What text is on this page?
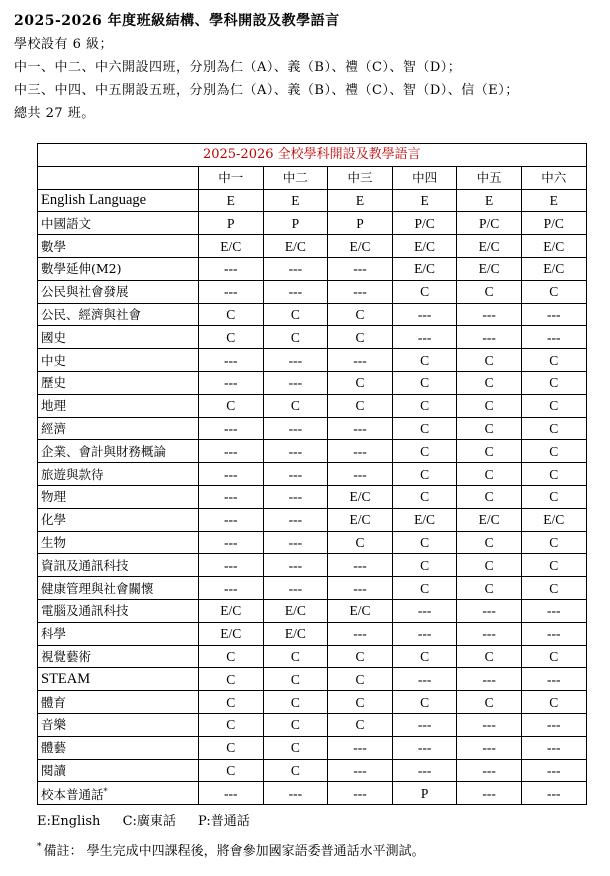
2025-2026 年度班級結構、學科開設及教學語言
學校設有 6 級；
中一、中二、中六開設四班，分別為仁（A）、義（B）、禮（C）、智（D）；
中三、中四、中五開設五班，分別為仁（A）、義（B）、禮（C）、智（D）、信（E）；
總共 27 班。
2025-2026 全校學科開設及教學語言						
	中一	中二	中三	中四	中五	中六
English Language	E	E	E	E	E	E
中國語文	P	P	P	P/C	P/C	P/C
數學	E/C	E/C	E/C	E/C	E/C	E/C
數學延伸(M2)	---	---	---	E/C	E/C	E/C
公民與社會發展	---	---	---	C	C	C
公民、經濟與社會	C	C	C	---	---	---
國史	C	C	C	---	---	---
中史	---	---	---	C	C	C
歷史	---	---	C	C	C	C
地理	C	C	C	C	C	C
經濟	---	---	---	C	C	C
企業、會計與財務概論	---	---	---	C	C	C
旅遊與款待	---	---	---	C	C	C
物理	---	---	E/C	C	C	C
化學	---	---	E/C	E/C	E/C	E/C
生物	---	---	C	C	C	C
資訊及通訊科技	---	---	---	C	C	C
健康管理與社會關懷	---	---	---	C	C	C
電腦及通訊科技	E/C	E/C	E/C	---	---	---
科學	E/C	E/C	---	---	---	---
視覺藝術	C	C	C	C	C	C
STEAM	C	C	C	---	---	---
體育	C	C	C	C	C	C
音樂	C	C	C	---	---	---
體藝	C	C	---	---	---	---
閱讀	C	C	---	---	---	---
校本普通話*	---	---	---	P	---	---
E:English C:廣東話 P:普通話
* 備註： 學生完成中四課程後，將會參加國家語委普通話水平測試。
